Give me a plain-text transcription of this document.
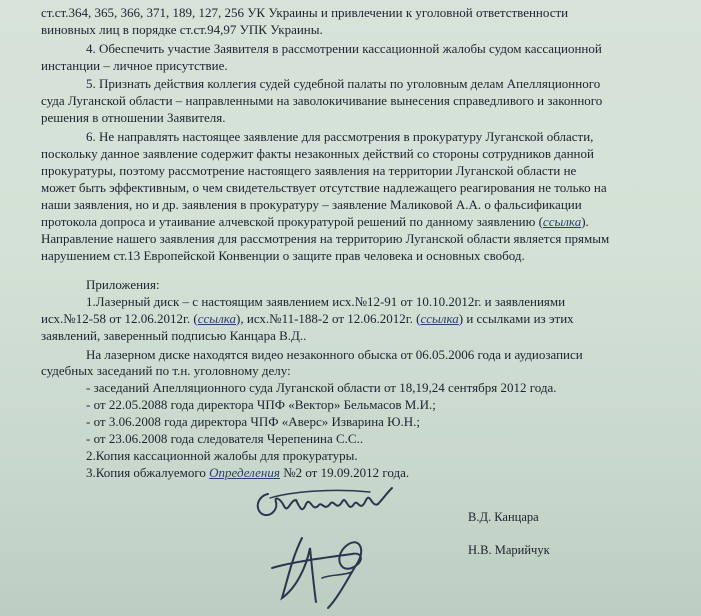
ст.ст.364, 365, 366, 371, 189, 127, 256 УК Украины и привлечении к уголовной ответственности
виновных лиц в порядке ст.ст.94,97 УПК Украины.
4. Обеспечить участие Заявителя в рассмотрении кассационной жалобы судом кассационной
инстанции – личное присутствие.
5. Признать действия коллегия судей судебной палаты по уголовным делам Апелляционного
суда Луганской области – направленными на заволокичивание вынесения справедливого и законного
решения в отношении Заявителя.
6. Не направлять настоящее заявление для рассмотрения в прокуратуру Луганской области,
поскольку данное заявление содержит факты незаконных действий со стороны сотрудников данной
прокуратуры, поэтому рассмотрение настоящего заявления на территории Луганской области не
может быть эффективным, о чем свидетельствует отсутствие надлежащего реагирования не только на
наши заявления, но и др. заявления в прокуратуру – заявление Маликовой А.А. о фальсификации
протокола допроса и утаивание алчевской прокуратурой решений по данному заявлению (ссылка).
Направление нашего заявления для рассмотрения на территорию Луганской области является прямым
нарушением ст.13 Европейской Конвенции о защите прав человека и основных свобод.
Приложения:
1.Лазерный диск – с настоящим заявлением исх.№12-91 от 10.10.2012г. и заявлениями
исх.№12-58 от 12.06.2012г. (ссылка), исх.№11-188-2 от 12.06.2012г. (ссылка) и ссылками из этих
заявлений, заверенный подписью Канцара В.Д..
На лазерном диске находятся видео незаконного обыска от 06.05.2006 года и аудиозаписи
судебных заседаний по т.н. уголовному делу:
- заседаний Апелляционного суда Луганской области от 18,19,24 сентября 2012 года.
- от 22.05.2088 года директора ЧПФ «Вектор» Бельмасов М.И.;
- от 3.06.2008 года директора ЧПФ «Аверс» Изварина Ю.Н.;
- от 23.06.2008 года следователя Черепенина С.С..
2.Копия кассационной жалобы для прокуратуры.
3.Копия обжалуемого Определения №2 от 19.09.2012 года.
В.Д. Канцара
Н.В. Марийчук
